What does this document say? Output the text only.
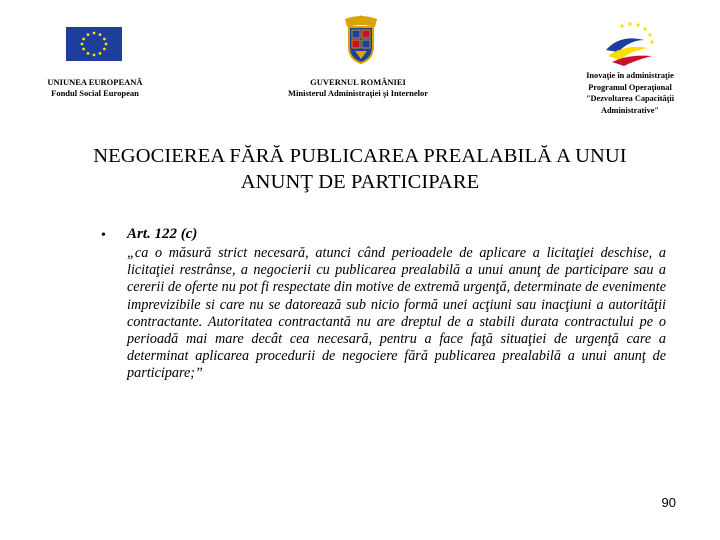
UNIUNEA EUROPEANĂ
Fondul Social European
GUVERNUL ROMÂNIEI
Ministerul Administraţiei şi Internelor
Inovaţie în administraţie
Programul Operaţional
"Dezvoltarea Capacităţii
Administrative"
NEGOCIEREA FĂRĂ PUBLICAREA PREALABILĂ A UNUI
ANUNŢ DE PARTICIPARE
• Art. 122 (c)
„ca o măsură strict necesară, atunci când perioadele de aplicare a licitaţiei deschise, a licitaţiei restrânse, a negocierii cu publicarea prealabilă a unui anunţ de participare sau a cererii de oferte nu pot fi respectate din motive de extremă urgenţă, determinate de evenimente imprevizibile si care nu se datorează sub nicio formă unei acţiuni sau inacţiuni a autorităţii contractante. Autoritatea contractantă nu are dreptul de a stabili durata contractului pe o perioadă mai mare decât cea necesară, pentru a face faţă situaţiei de urgenţă care a determinat aplicarea procedurii de negociere fără publicarea prealabilă a unui anunţ de participare;”
90
